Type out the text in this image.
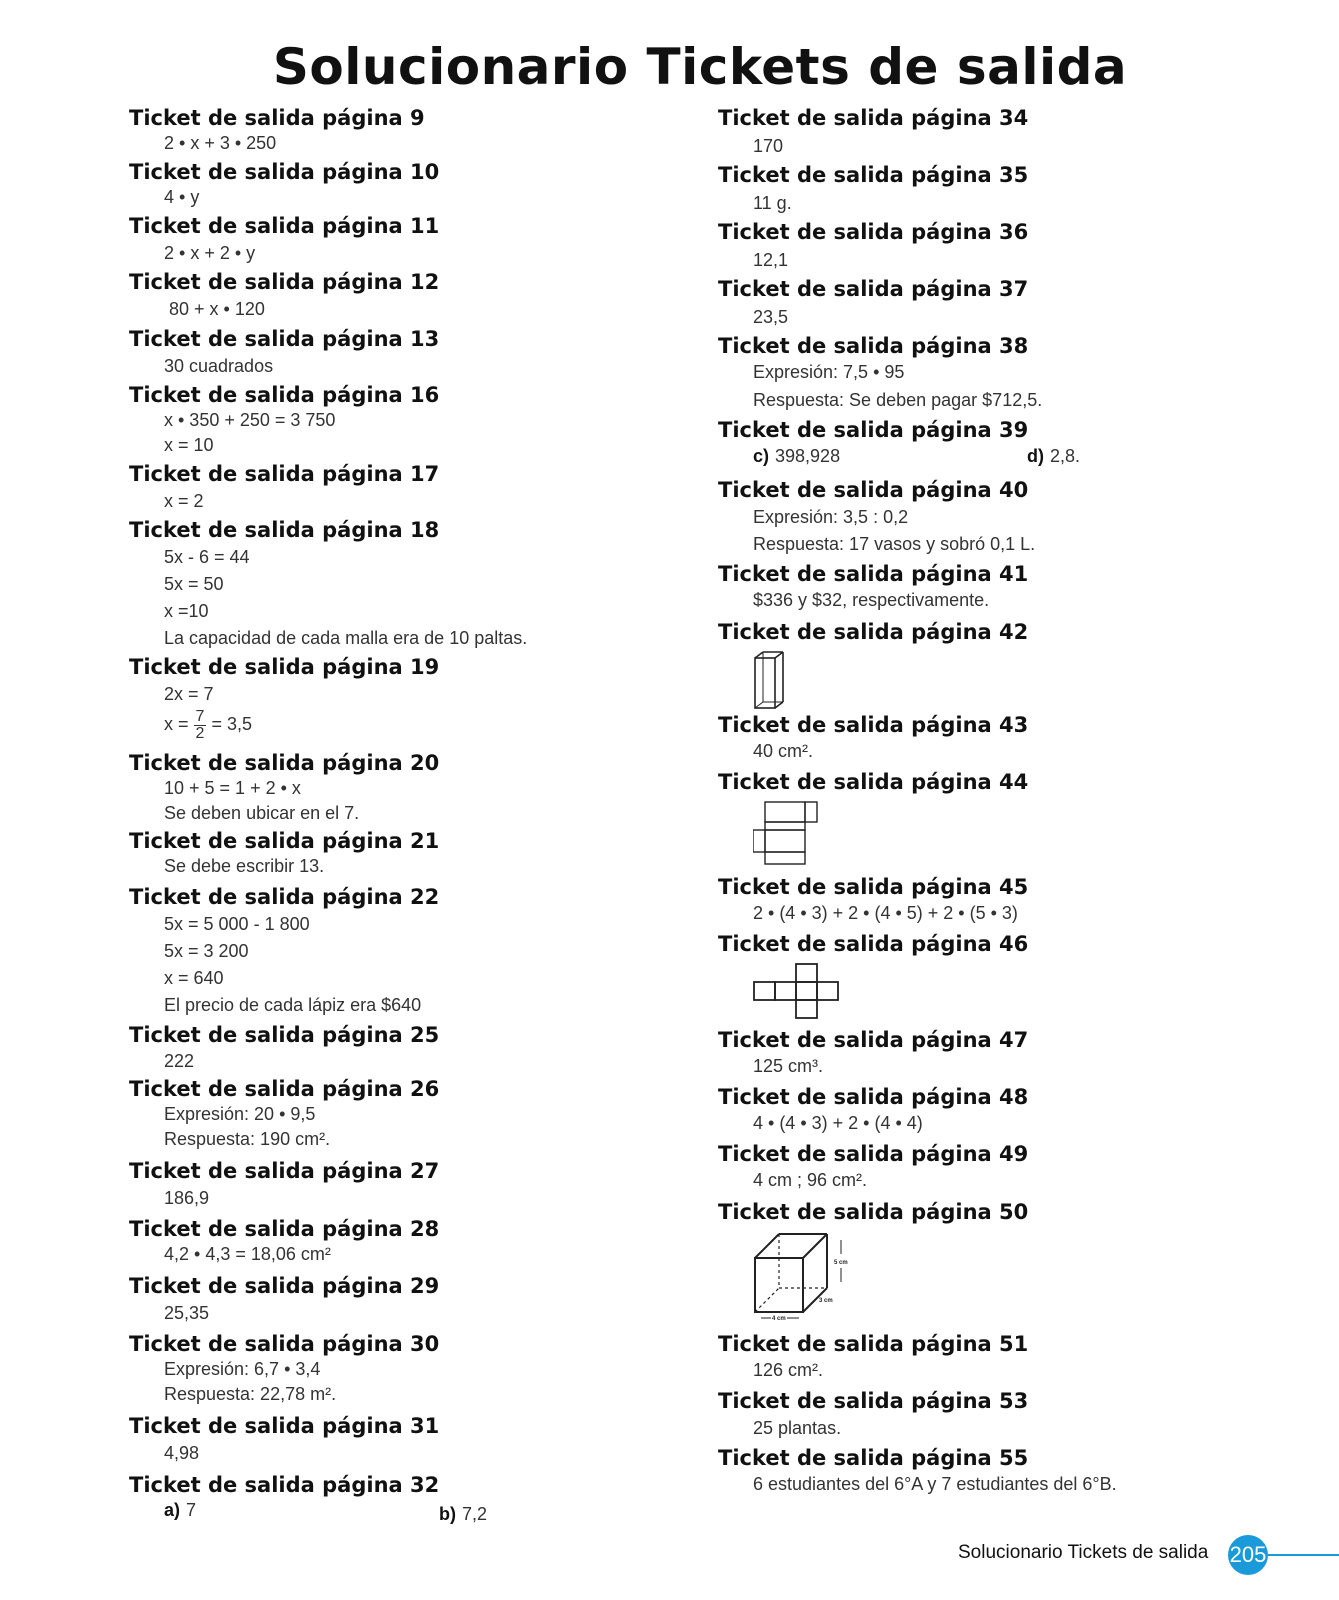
Solucionario Tickets de salida
Ticket de salida página 9
2 • x + 3 • 250
Ticket de salida página 10
4 • y
Ticket de salida página 11
2 • x + 2 • y
Ticket de salida página 12
80 + x • 120
Ticket de salida página 13
30 cuadrados
Ticket de salida página 16
x • 350 + 250 = 3 750
x = 10
Ticket de salida página 17
x = 2
Ticket de salida página 18
5x - 6 = 44
5x = 50
x =10
La capacidad de cada malla era de 10 paltas.
Ticket de salida página 19
2x = 7
$x = \frac{7}{2} = 3,5$
Ticket de salida página 20
10 + 5 = 1 + 2 • x
Se deben ubicar en el 7.
Ticket de salida página 21
Se debe escribir 13.
Ticket de salida página 22
5x = 5 000 - 1 800
5x = 3 200
x = 640
El precio de cada lápiz era $640
Ticket de salida página 25
222
Ticket de salida página 26
Expresión: 20 • 9,5
Respuesta: 190 cm².
Ticket de salida página 27
186,9
Ticket de salida página 28
4,2 • 4,3 = 18,06 cm²
Ticket de salida página 29
25,35
Ticket de salida página 30
Expresión: 6,7 • 3,4
Respuesta: 22,78 m².
Ticket de salida página 31
4,98
Ticket de salida página 32
a) 7	b) 7,2
Ticket de salida página 34
170
Ticket de salida página 35
11 g.
Ticket de salida página 36
12,1
Ticket de salida página 37
23,5
Ticket de salida página 38
Expresión: 7,5 • 95
Respuesta: Se deben pagar $712,5.
Ticket de salida página 39
c) 398,928	d) 2,8.
Ticket de salida página 40
Expresión: 3,5 : 0,2
Respuesta: 17 vasos y sobró 0,1 L.
Ticket de salida página 41
$336 y $32, respectivamente.
Ticket de salida página 42
Ticket de salida página 43
40 cm².
Ticket de salida página 44
Ticket de salida página 45
2 • (4 • 3) + 2 • (4 • 5) + 2 • (5 • 3)
Ticket de salida página 46
Ticket de salida página 47
125 cm³.
Ticket de salida página 48
4 • (4 • 3) + 2 • (4 • 4)
Ticket de salida página 49
4 cm ; 96 cm².
Ticket de salida página 50
5 cm
3 cm
4 cm
Ticket de salida página 51
126 cm².
Ticket de salida página 53
25 plantas.
Ticket de salida página 55
6 estudiantes del 6°A y 7 estudiantes del 6°B.
Solucionario Tickets de salida 205
